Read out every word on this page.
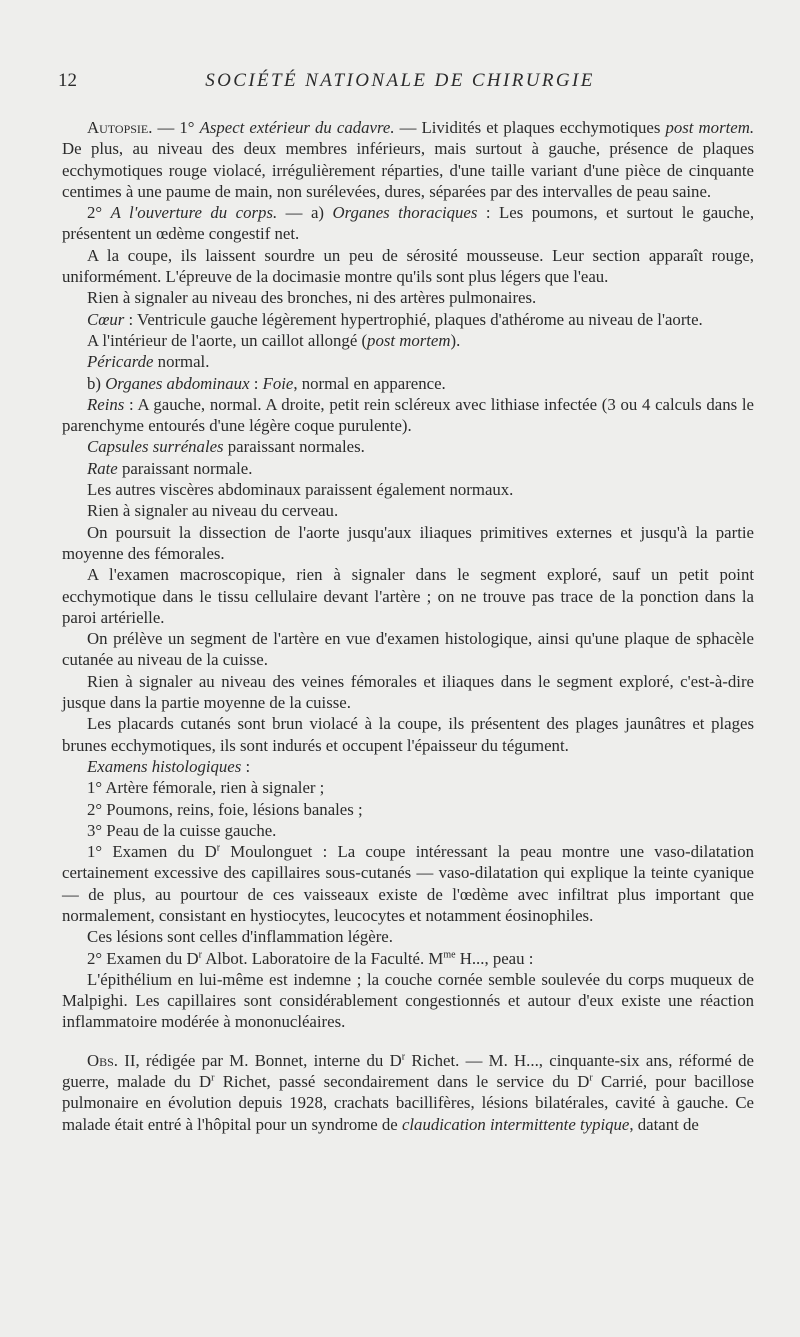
12	SOCIÉTÉ NATIONALE DE CHIRURGIE

Autopsie. — 1° Aspect extérieur du cadavre. — Lividités et plaques ecchymotiques post mortem. De plus, au niveau des deux membres inférieurs, mais surtout à gauche, présence de plaques ecchymotiques rouge violacé, irrégulièrement réparties, d'une taille variant d'une pièce de cinquante centimes à une paume de main, non surélevées, dures, séparées par des intervalles de peau saine.

2° A l'ouverture du corps. — a) Organes thoraciques : Les poumons, et surtout le gauche, présentent un œdème congestif net.

A la coupe, ils laissent sourdre un peu de sérosité mousseuse. Leur section apparaît rouge, uniformément. L'épreuve de la docimasie montre qu'ils sont plus légers que l'eau.

Rien à signaler au niveau des bronches, ni des artères pulmonaires.

Cœur : Ventricule gauche légèrement hypertrophié, plaques d'athérome au niveau de l'aorte.

A l'intérieur de l'aorte, un caillot allongé (post mortem).

Péricarde normal.

b) Organes abdominaux : Foie, normal en apparence.

Reins : A gauche, normal. A droite, petit rein scléreux avec lithiase infectée (3 ou 4 calculs dans le parenchyme entourés d'une légère coque purulente).

Capsules surrénales paraissant normales.

Rate paraissant normale.

Les autres viscères abdominaux paraissent également normaux.

Rien à signaler au niveau du cerveau.

On poursuit la dissection de l'aorte jusqu'aux iliaques primitives externes et jusqu'à la partie moyenne des fémorales.

A l'examen macroscopique, rien à signaler dans le segment exploré, sauf un petit point ecchymotique dans le tissu cellulaire devant l'artère ; on ne trouve pas trace de la ponction dans la paroi artérielle.

On prélève un segment de l'artère en vue d'examen histologique, ainsi qu'une plaque de sphacèle cutanée au niveau de la cuisse.

Rien à signaler au niveau des veines fémorales et iliaques dans le segment exploré, c'est-à-dire jusque dans la partie moyenne de la cuisse.

Les placards cutanés sont brun violacé à la coupe, ils présentent des plages jaunâtres et plages brunes ecchymotiques, ils sont indurés et occupent l'épaisseur du tégument.

Examens histologiques :

1° Artère fémorale, rien à signaler ;

2° Poumons, reins, foie, lésions banales ;

3° Peau de la cuisse gauche.

1° Examen du $D^r$ Moulonguet : La coupe intéressant la peau montre une vaso-dilatation certainement excessive des capillaires sous-cutanés — vaso-dilatation qui explique la teinte cyanique — de plus, au pourtour de ces vaisseaux existe de l'œdème avec infiltrat plus important que normalement, consistant en hystiocytes, leucocytes et notamment éosinophiles.

Ces lésions sont celles d'inflammation légère.

2° Examen du $D^r$ Albot. Laboratoire de la Faculté. $M^{me}$ H..., peau :

L'épithélium en lui-même est indemne ; la couche cornée semble soulevée du corps muqueux de Malpighi. Les capillaires sont considérablement congestionnés et autour d'eux existe une réaction inflammatoire modérée à mononucléaires.

Obs. II, rédigée par M. Bonnet, interne du $D^r$ Richet. — M. H..., cinquante-six ans, réformé de guerre, malade du $D^r$ Richet, passé secondairement dans le service du $D^r$ Carrié, pour bacillose pulmonaire en évolution depuis 1928, crachats bacillifères, lésions bilatérales, cavité à gauche. Ce malade était entré à l'hôpital pour un syndrome de claudication intermittente typique, datant de
